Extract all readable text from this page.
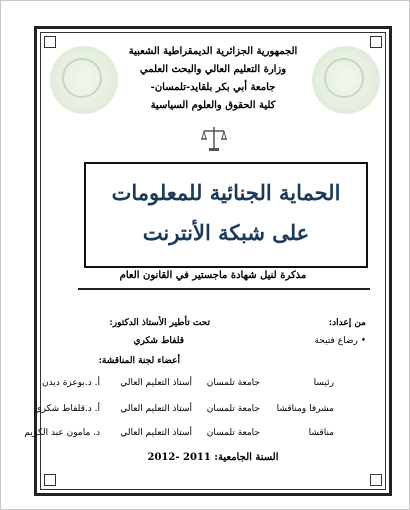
الجمهورية الجزائرية الديمقراطية الشعبية
وزارة التعليم العالي والبحث العلمي
جامعة أبي بكر بلقايد-تلمسان-
كلية الحقوق والعلوم السياسية
الحماية الجنائية للمعلومات
على شبكة الأنترنت
مذكرة لنيل شهادة ماجستير في القانون العام
من إعداد:
• رضاع فتيحة
تحت تأطير الأستاذ الدكتور:
قلفاط شكري
أعضاء لجنة المناقشة:
أ. د.بوعزة ديدن أستاذ التعليم العالي جامعة تلمسان	رئيسا
أ. د.قلفاط شكري أستاذ التعليم العالي جامعة تلمسان مشرفا ومناقشا
د. مامون عبد الكريم أستاذ التعليم العالي جامعة تلمسان	مناقشا
السنة الجامعية: 2011 -2012
